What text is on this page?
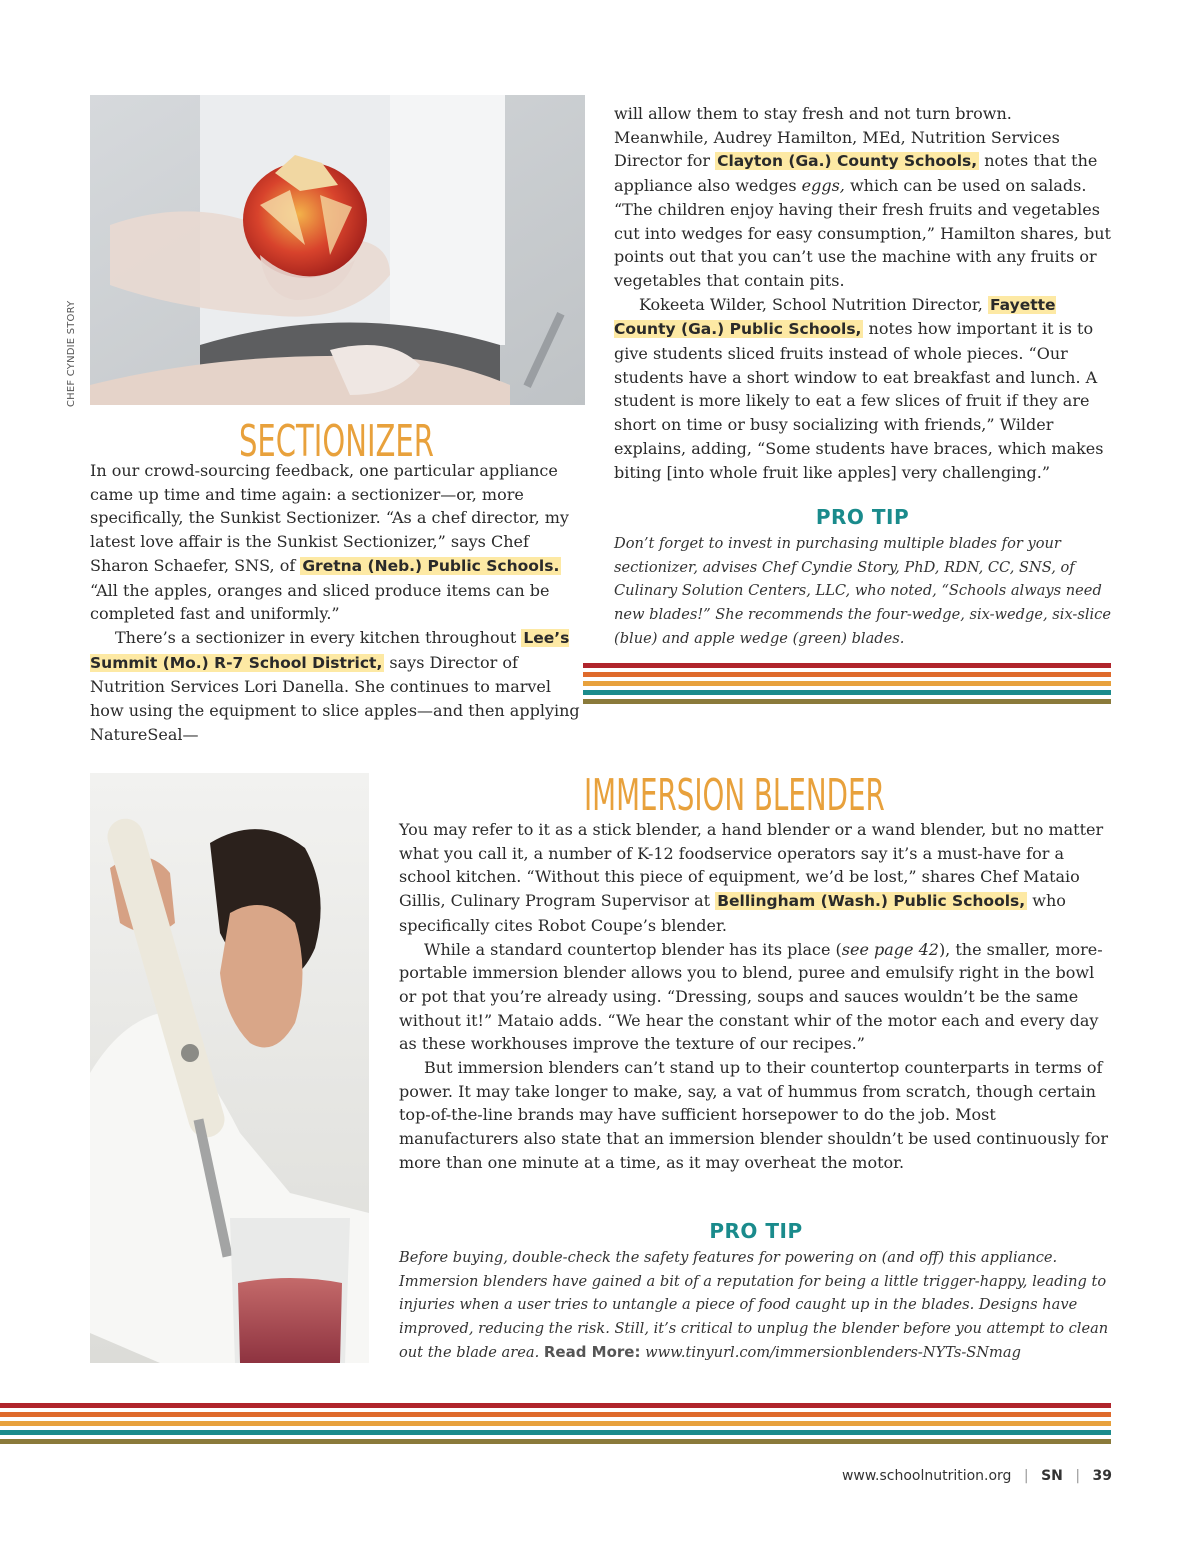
CHEF CYNDIE STORY
SECTIONIZER

In our crowd-sourcing feedback, one particular appliance came up time and time again: a sectionizer—or, more specifically, the Sunkist Sectionizer. “As a chef director, my latest love affair is the Sunkist Sectionizer,” says Chef Sharon Schaefer, SNS, of Gretna (Neb.) Public Schools. “All the apples, oranges and sliced produce items can be completed fast and uniformly.”

There’s a sectionizer in every kitchen throughout Lee’s Summit (Mo.) R-7 School District, says Director of Nutrition Services Lori Danella. She continues to marvel how using the equipment to slice apples—and then applying NatureSeal—

will allow them to stay fresh and not turn brown. Meanwhile, Audrey Hamilton, MEd, Nutrition Services Director for Clayton (Ga.) County Schools, notes that the appliance also wedges eggs, which can be used on salads. “The children enjoy having their fresh fruits and vegetables cut into wedges for easy consumption,” Hamilton shares, but points out that you can’t use the machine with any fruits or vegetables that contain pits.

Kokeeta Wilder, School Nutrition Director, Fayette County (Ga.) Public Schools, notes how important it is to give students sliced fruits instead of whole pieces. “Our students have a short window to eat breakfast and lunch. A student is more likely to eat a few slices of fruit if they are short on time or busy socializing with friends,” Wilder explains, adding, “Some students have braces, which makes biting [into whole fruit like apples] very challenging.”

PRO TIP

Don’t forget to invest in purchasing multiple blades for your sectionizer, advises Chef Cyndie Story, PhD, RDN, CC, SNS, of Culinary Solution Centers, LLC, who noted, “Schools always need new blades!” She recommends the four-wedge, six-wedge, six-slice (blue) and apple wedge (green) blades.

IMMERSION BLENDER

You may refer to it as a stick blender, a hand blender or a wand blender, but no matter what you call it, a number of K-12 foodservice operators say it’s a must-have for a school kitchen. “Without this piece of equipment, we’d be lost,” shares Chef Mataio Gillis, Culinary Program Supervisor at Bellingham (Wash.) Public Schools, who specifically cites Robot Coupe’s blender.

While a standard countertop blender has its place (see page 42), the smaller, more-portable immersion blender allows you to blend, puree and emulsify right in the bowl or pot that you’re already using. “Dressing, soups and sauces wouldn’t be the same without it!” Mataio adds. “We hear the constant whir of the motor each and every day as these workhouses improve the texture of our recipes.”

But immersion blenders can’t stand up to their countertop counterparts in terms of power. It may take longer to make, say, a vat of hummus from scratch, though certain top-of-the-line brands may have sufficient horsepower to do the job. Most manufacturers also state that an immersion blender shouldn’t be used continuously for more than one minute at a time, as it may overheat the motor.

PRO TIP

Before buying, double-check the safety features for powering on (and off) this appliance. Immersion blenders have gained a bit of a reputation for being a little trigger-happy, leading to injuries when a user tries to untangle a piece of food caught up in the blades. Designs have improved, reducing the risk. Still, it’s critical to unplug the blender before you attempt to clean out the blade area. Read More: www.tinyurl.com/immersionblenders-NYTs-SNmag

www.schoolnutrition.org | SN | 39
